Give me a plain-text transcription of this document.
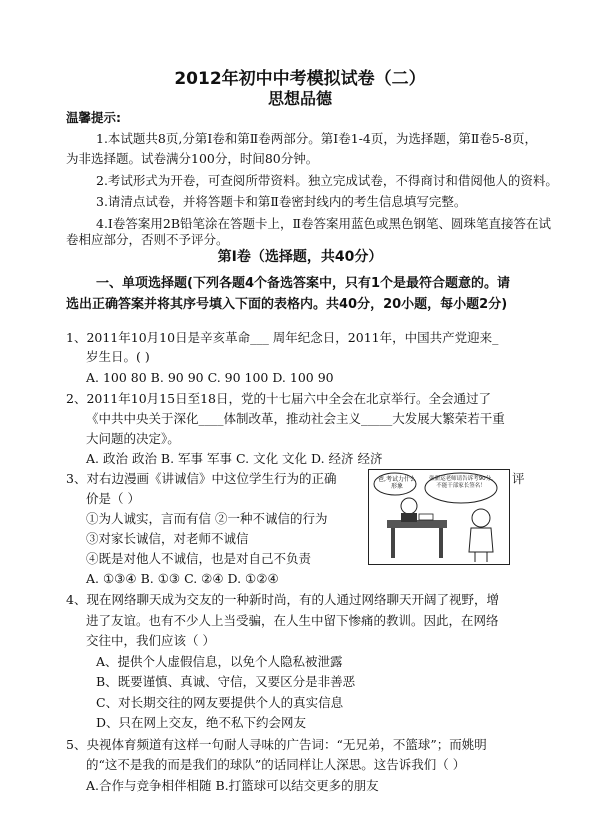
2012年初中中考模拟试卷（二）
思想品德
温馨提示:
1.本试题共8页,分第Ⅰ卷和第Ⅱ卷两部分。第Ⅰ卷1-4页，为选择题，第Ⅱ卷5-8页，
为非选择题。试卷满分100分，时间80分钟。
2.考试形式为开卷，可查阅所带资料。独立完成试卷，不得商讨和借阅他人的资料。
3.请清点试卷，并将答题卡和第Ⅱ卷密封线内的考生信息填写完整。
4.Ⅰ卷答案用2B铅笔涂在答题卡上，Ⅱ卷答案用蓝色或黑色钢笔、圆珠笔直接答在试
卷相应部分，否则不予评分。
第Ⅰ卷（选择题，共40分）
一、单项选择题(下列各题4个备选答案中，只有1个是最符合题意的。请
选出正确答案并将其序号填入下面的表格内。共40分，20小题，每小题2分)
1、2011年10月10日是辛亥革命___ 周年纪念日，2011年，中国共产党迎来_
岁生日。( )
A. 100 80 B. 90 90 C. 90 100 D. 100 90
2、2011年10月15日至18日，党的十七届六中全会在北京举行。全会通过了
《中共中央关于深化____体制改革，推动社会主义_____大发展大繁荣若干重
大问题的决定》。
A. 政治 政治 B. 军事 军事 C. 文化 文化 D. 经济 经济
3、对右边漫画《讲诚信》中这位学生行为的正确	评
价是（ ）
①为人诚实，言而有信 ②一种不诚信的行为
③对家长诚信，对老师不诚信
④既是对他人不诚信，也是对自己不负责
A. ①③④ B. ①③ C. ②④ D. ①②④
爸,考试力什么形象
张新运老师请告诉考90分,不能干部家长签名！
4、现在网络聊天成为交友的一种新时尚，有的人通过网络聊天开阔了视野，增
进了友谊。也有不少人上当受骗，在人生中留下惨痛的教训。因此，在网络
交往中，我们应该（ ）
A、提供个人虚假信息，以免个人隐私被泄露
B、既要谨慎、真诚、守信，又要区分是非善恶
C、对长期交往的网友要提供个人的真实信息
D、只在网上交友，绝不私下约会网友
5、央视体育频道有这样一句耐人寻味的广告词：“无兄弟，不篮球”；而姚明
的“这不是我的而是我们的球队”的话同样让人深思。这告诉我们（ ）
A.合作与竞争相伴相随 B.打篮球可以结交更多的朋友
